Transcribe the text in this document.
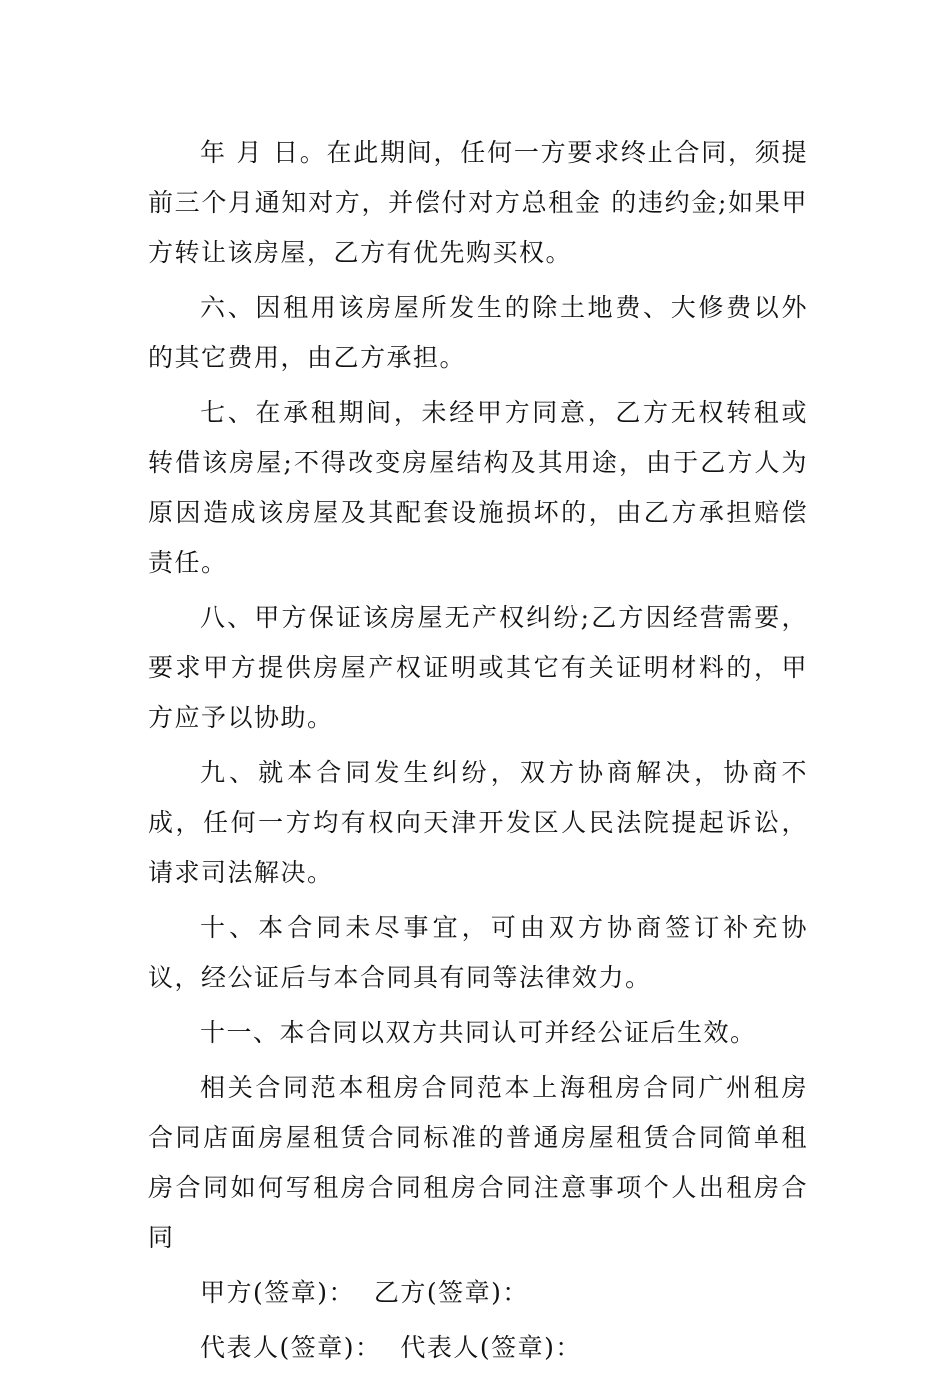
年 月 日。在此期间，任何一方要求终止合同，须提前三个月通知对方，并偿付对方总租金 的违约金;如果甲方转让该房屋，乙方有优先购买权。

六、因租用该房屋所发生的除土地费、大修费以外的其它费用，由乙方承担。

七、在承租期间，未经甲方同意，乙方无权转租或转借该房屋;不得改变房屋结构及其用途，由于乙方人为原因造成该房屋及其配套设施损坏的，由乙方承担赔偿责任。

八、甲方保证该房屋无产权纠纷;乙方因经营需要，要求甲方提供房屋产权证明或其它有关证明材料的，甲方应予以协助。

九、就本合同发生纠纷，双方协商解决，协商不成，任何一方均有权向天津开发区人民法院提起诉讼，请求司法解决。

十、本合同未尽事宜，可由双方协商签订补充协议，经公证后与本合同具有同等法律效力。

十一、本合同以双方共同认可并经公证后生效。

相关合同范本租房合同范本上海租房合同广州租房合同店面房屋租赁合同标准的普通房屋租赁合同简单租房合同如何写租房合同租房合同注意事项个人出租房合同

甲方(签章)：  乙方(签章)：

代表人(签章)：  代表人(签章)：
